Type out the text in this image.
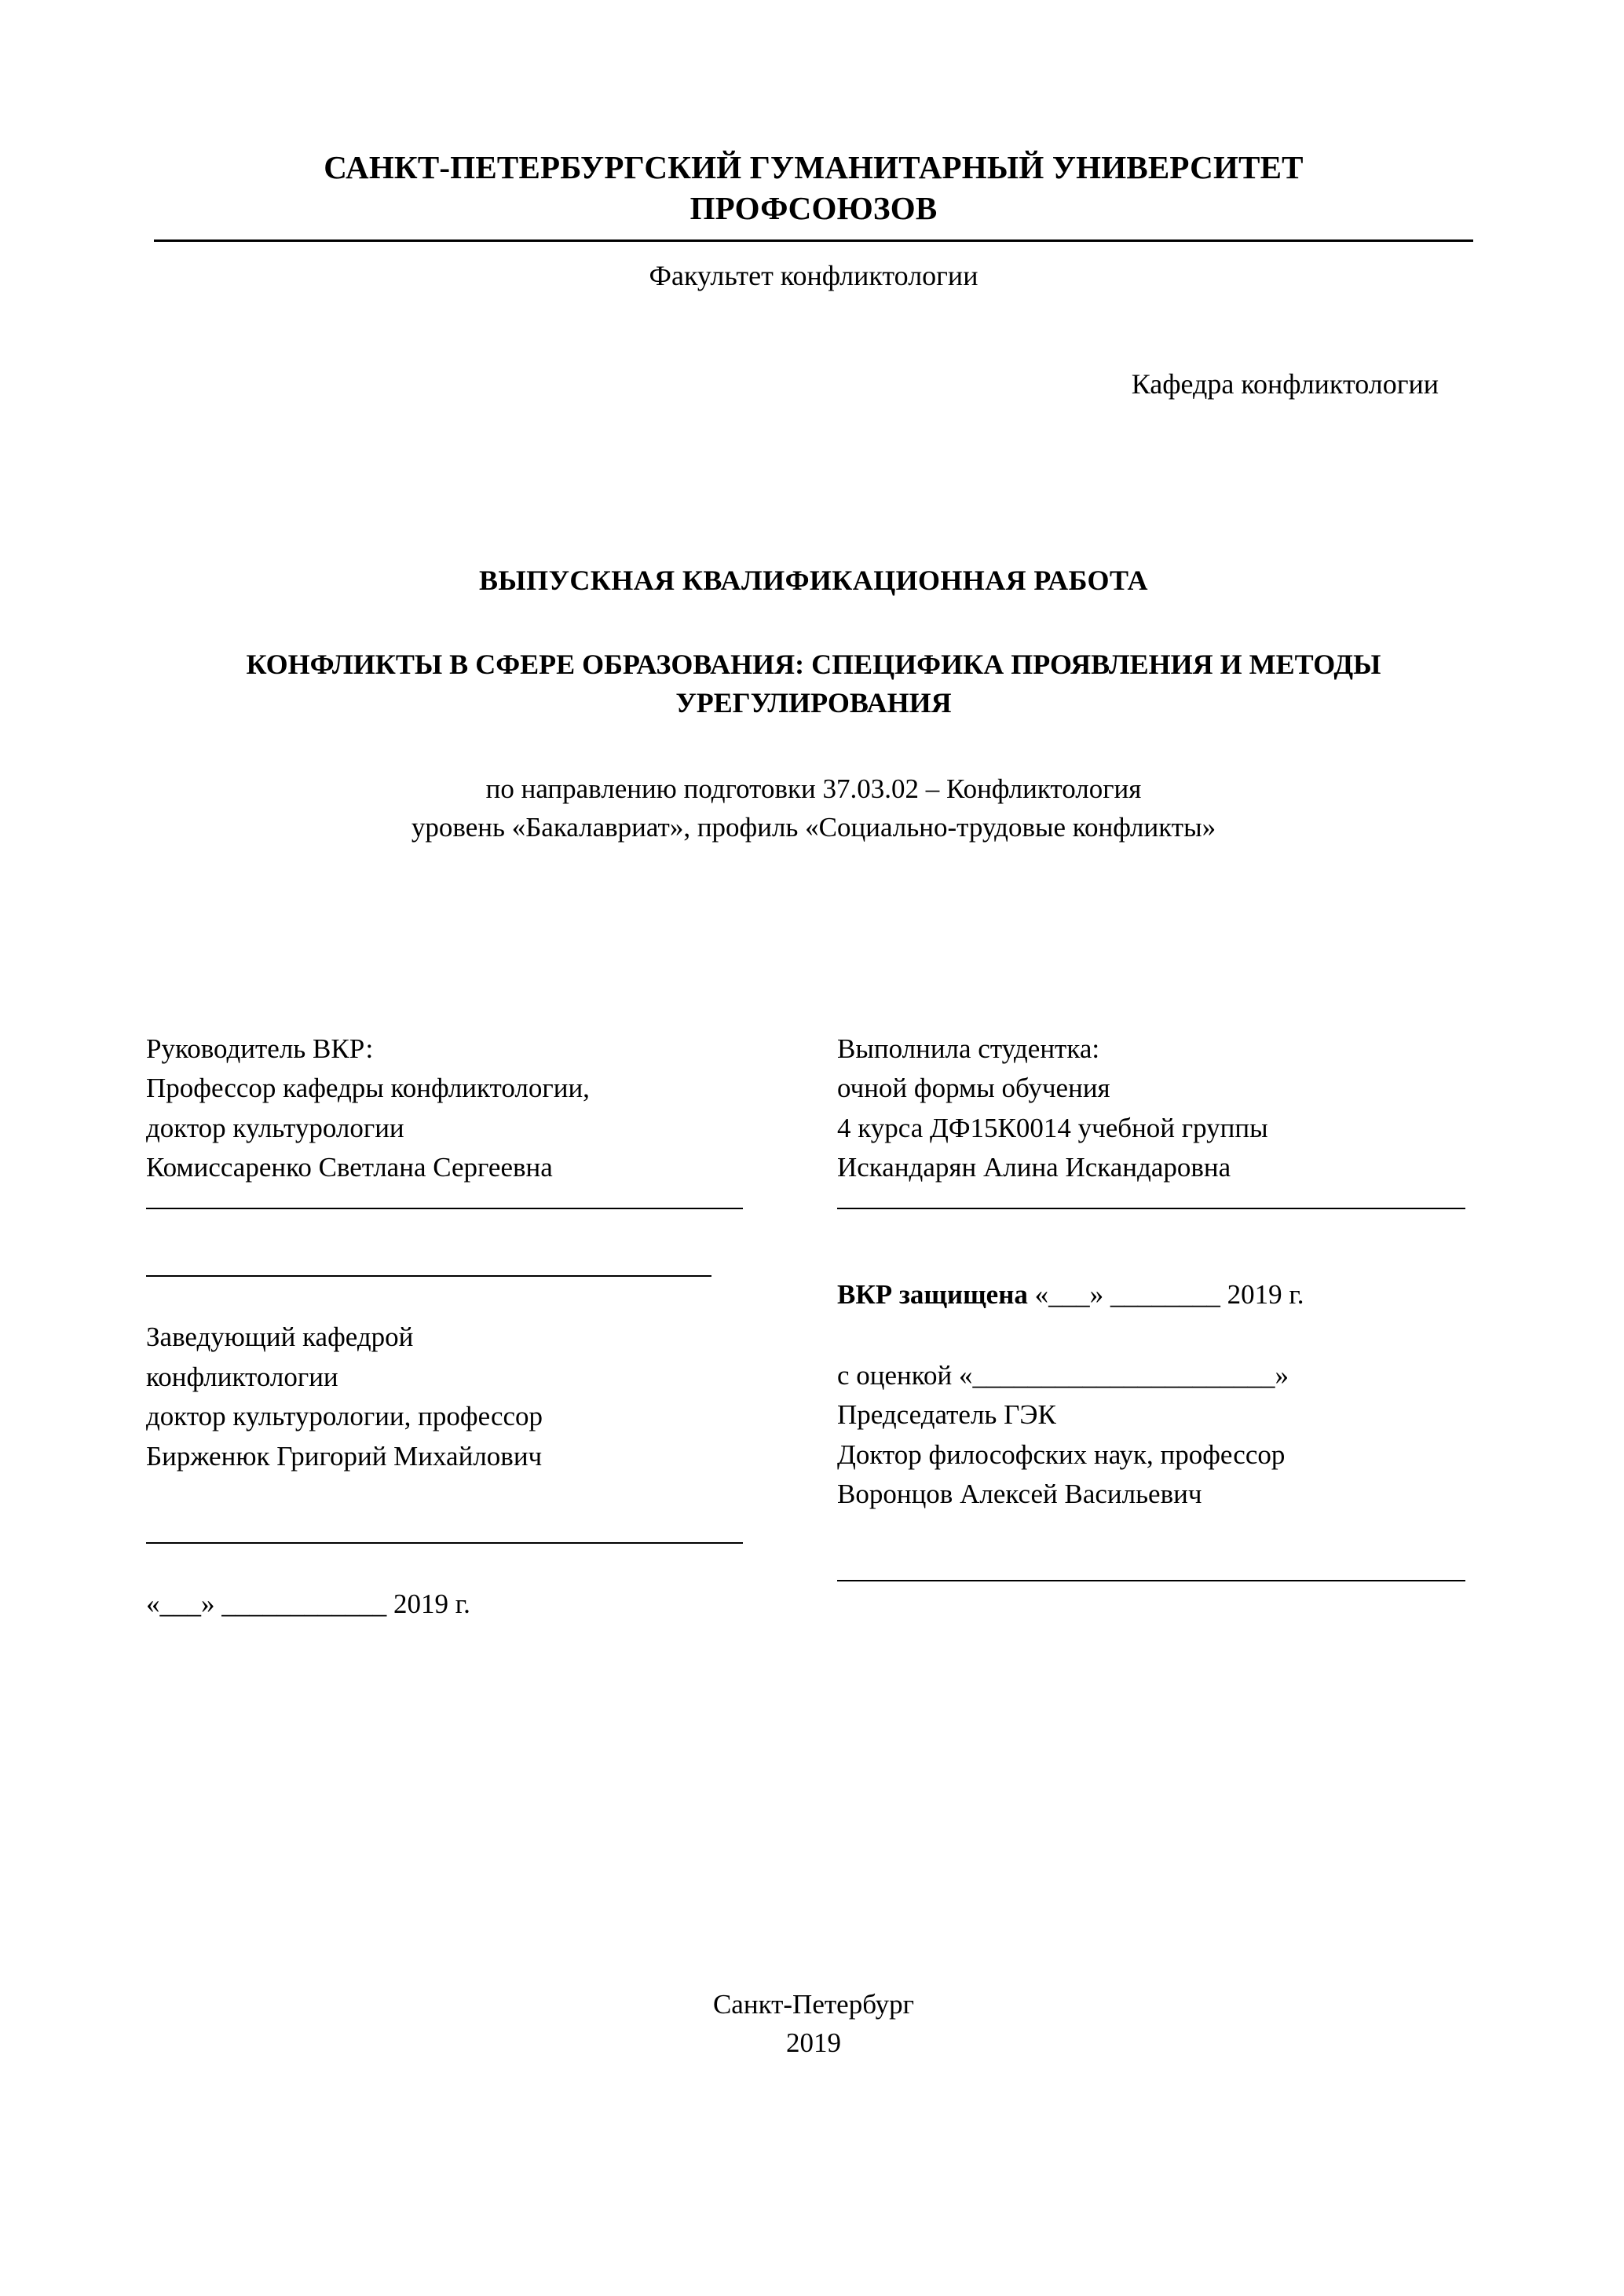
САНКТ-ПЕТЕРБУРГСКИЙ ГУМАНИТАРНЫЙ УНИВЕРСИТЕТ ПРОФСОЮЗОВ
Факультет конфликтологии
Кафедра конфликтологии
ВЫПУСКНАЯ КВАЛИФИКАЦИОННАЯ РАБОТА
КОНФЛИКТЫ В СФЕРЕ ОБРАЗОВАНИЯ: СПЕЦИФИКА ПРОЯВЛЕНИЯ И МЕТОДЫ УРЕГУЛИРОВАНИЯ
по направлению подготовки 37.03.02 – Конфликтология
уровень «Бакалавриат», профиль «Социально-трудовые конфликты»
Руководитель ВКР:
Профессор кафедры конфликтологии,
доктор культурологии
Комиссаренко Светлана Сергеевна
Заведующий кафедрой
конфликтологии
доктор культурологии, профессор
Бирженюк Григорий Михайлович
«___» ____________ 2019 г.
Выполнила студентка:
очной формы обучения
4 курса ДФ15К0014 учебной группы
Искандарян Алина Искандаровна
ВКР защищена «___» ________ 2019 г.
с оценкой «______________________»
Председатель ГЭК
Доктор философских наук, профессор
Воронцов Алексей Васильевич
Санкт-Петербург
2019
